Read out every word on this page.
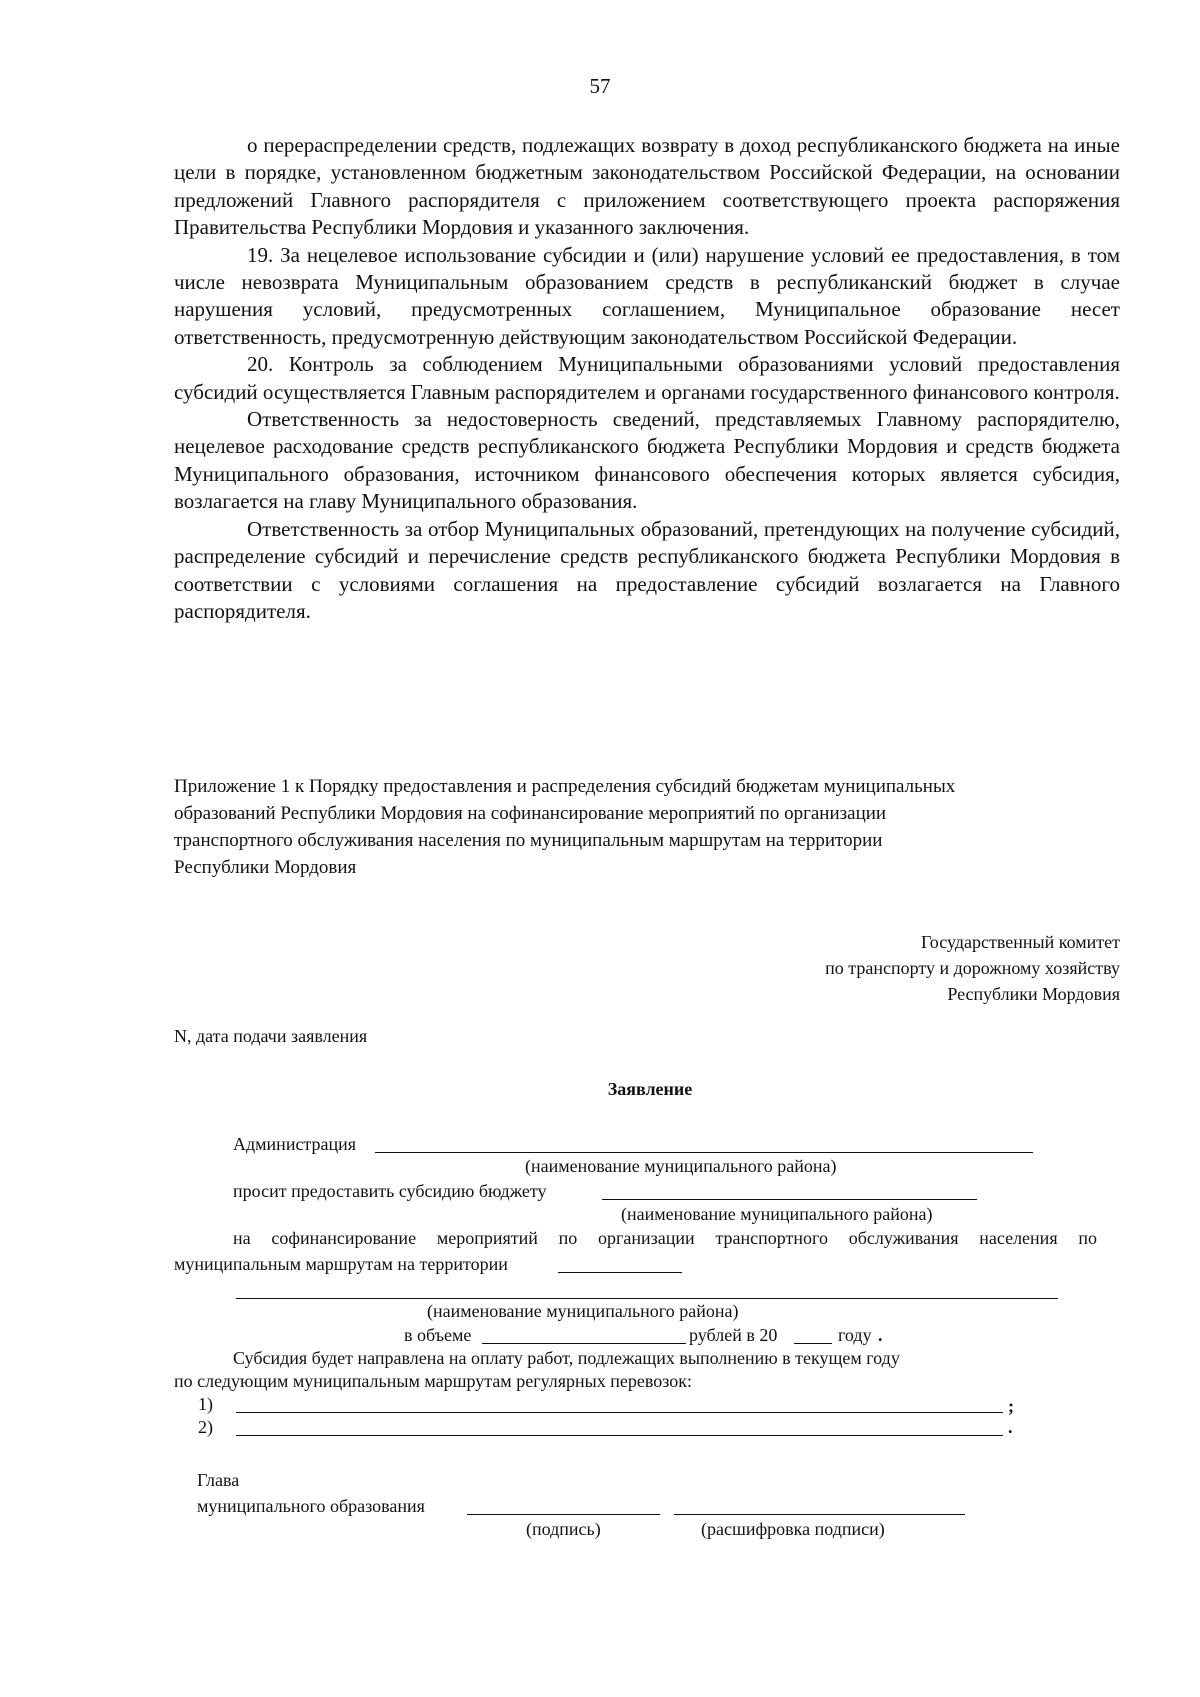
57

о перераспределении средств, подлежащих возврату в доход республиканского бюджета на иные цели в порядке, установленном бюджетным законодательством Российской Федерации, на основании предложений Главного распорядителя с приложением соответствующего проекта распоряжения Правительства Республики Мордовия и указанного заключения.

19. За нецелевое использование субсидии и (или) нарушение условий ее предоставления, в том числе невозврата Муниципальным образованием средств в республиканский бюджет в случае нарушения условий, предусмотренных соглашением, Муниципальное образование несет ответственность, предусмотренную действующим законодательством Российской Федерации.

20. Контроль за соблюдением Муниципальными образованиями условий предоставления субсидий осуществляется Главным распорядителем и органами государственного финансового контроля.

Ответственность за недостоверность сведений, представляемых Главному распорядителю, нецелевое расходование средств республиканского бюджета Республики Мордовия и средств бюджета Муниципального образования, источником финансового обеспечения которых является субсидия, возлагается на главу Муниципального образования.

Ответственность за отбор Муниципальных образований, претендующих на получение субсидий, распределение субсидий и перечисление средств республиканского бюджета Республики Мордовия в соответствии с условиями соглашения на предоставление субсидий возлагается на Главного распорядителя.

Приложение 1 к Порядку предоставления и распределения субсидий бюджетам муниципальных
образований Республики Мордовия на софинансирование мероприятий по организации
транспортного обслуживания населения по муниципальным маршрутам на территории
Республики Мордовия
Государственный комитет
по транспорту и дорожному хозяйству
Республики Мордовия
N, дата подачи заявления
Заявление
Администрация
(наименование муниципального района)
просит предоставить субсидию бюджету
(наименование муниципального района)
на софинансирование мероприятий по организации транспортного обслуживания населения по
муниципальным маршрутам на территории
(наименование муниципального района)
в объеме	рублей в 20	году .
Субсидия будет направлена на оплату работ, подлежащих выполнению в текущем году
по следующим муниципальным маршрутам регулярных перевозок:
1)	;
2)	.
Глава
муниципального образования
(подпись)	(расшифровка подписи)
